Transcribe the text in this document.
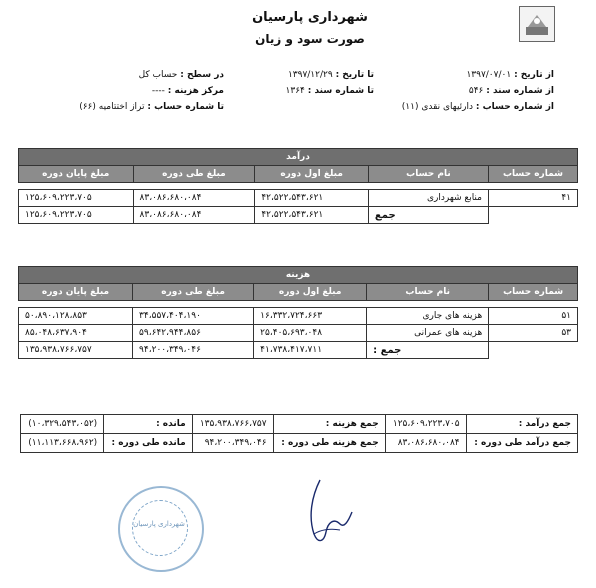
شهرداری پارسیان
صورت سود و زیان
از تاریخ : ۱۳۹۷/۰۷/۰۱
تا تاریخ : ۱۳۹۷/۱۲/۲۹
در سطح : حساب کل
از شماره سند : ۵۴۶
تا شماره سند : ۱۳۶۴
مرکز هزینه : ----
از شماره حساب : دارئیهای نقدی (۱۱)
تا شماره حساب : تراز اختتامیه (۶۶)
درآمد				
شماره حساب	نام حساب	مبلغ اول دوره	مبلغ طی دوره	مبلغ پایان دوره

۴۱	منابع شهرداری	۴۲،۵۲۲،۵۴۳،۶۲۱	۸۳،۰۸۶،۶۸۰،۰۸۴	۱۲۵،۶۰۹،۲۲۳،۷۰۵
	جمع	۴۲،۵۲۲،۵۴۳،۶۲۱	۸۳،۰۸۶،۶۸۰،۰۸۴	۱۲۵،۶۰۹،۲۲۳،۷۰۵
هزینه				
شماره حساب	نام حساب	مبلغ اول دوره	مبلغ طی دوره	مبلغ پایان دوره

۵۱	هزینه های جاری	۱۶،۳۳۲،۷۲۴،۶۶۳	۳۴،۵۵۷،۴۰۴،۱۹۰	۵۰،۸۹۰،۱۲۸،۸۵۳
۵۳	هزینه های عمرانی	۲۵،۴۰۵،۶۹۳،۰۴۸	۵۹،۶۴۲،۹۴۴،۸۵۶	۸۵،۰۴۸،۶۳۷،۹۰۴
	جمع :	۴۱،۷۳۸،۴۱۷،۷۱۱	۹۴،۲۰۰،۳۴۹،۰۴۶	۱۳۵،۹۳۸،۷۶۶،۷۵۷
جمع درآمد :	۱۲۵،۶۰۹،۲۲۳،۷۰۵	جمع هزینه :	۱۳۵،۹۳۸،۷۶۶،۷۵۷	مانده :	(۱۰،۳۲۹،۵۴۳،۰۵۲)
جمع درآمد طی دوره :	۸۳،۰۸۶،۶۸۰،۰۸۴	جمع هزینه طی دوره :	۹۴،۲۰۰،۳۴۹،۰۴۶	مانده طی دوره :	(۱۱،۱۱۳،۶۶۸،۹۶۲)
شهرداری پارسیان
